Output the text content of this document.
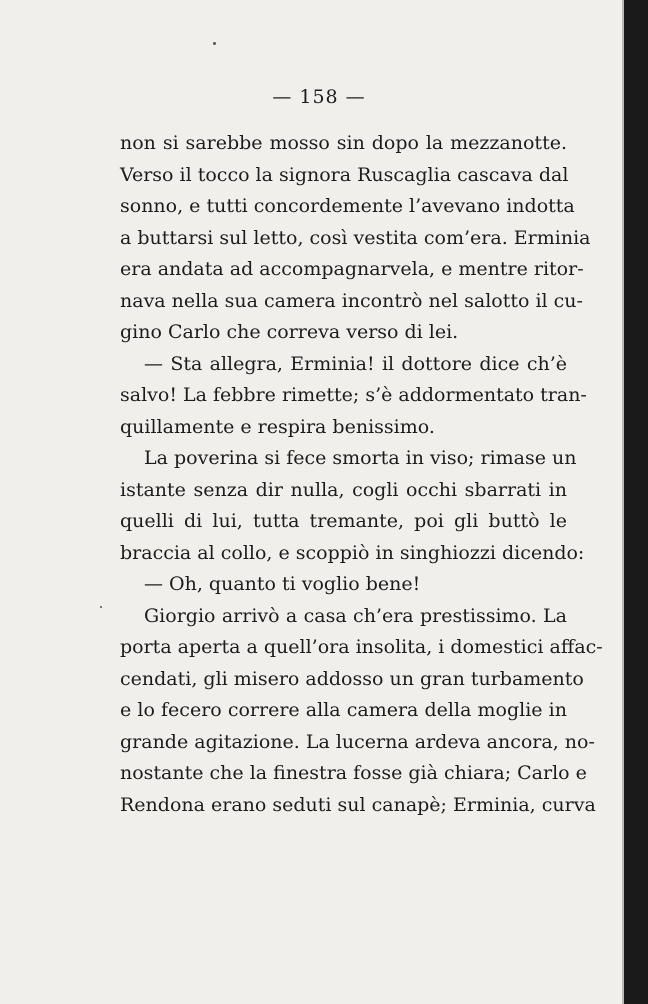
— 158 —
non si sarebbe mosso sin dopo la mezzanotte.
Verso il tocco la signora Ruscaglia cascava dal
sonno, e tutti concordemente l’avevano indotta
a buttarsi sul letto, così vestita com’era. Erminia
era andata ad accompagnarvela, e mentre ritor-
nava nella sua camera incontrò nel salotto il cu-
gino Carlo che correva verso di lei.
— Sta allegra, Erminia! il dottore dice ch’è
salvo! La febbre rimette; s’è addormentato tran-
quillamente e respira benissimo.
La poverina si fece smorta in viso; rimase un
istante senza dir nulla, cogli occhi sbarrati in
quelli di lui, tutta tremante, poi gli buttò le
braccia al collo, e scoppiò in singhiozzi dicendo:
— Oh, quanto ti voglio bene!
Giorgio arrivò a casa ch’era prestissimo. La
porta aperta a quell’ora insolita, i domestici affac-
cendati, gli misero addosso un gran turbamento
e lo fecero correre alla camera della moglie in
grande agitazione. La lucerna ardeva ancora, no-
nostante che la finestra fosse già chiara; Carlo e
Rendona erano seduti sul canapè; Erminia, curva
